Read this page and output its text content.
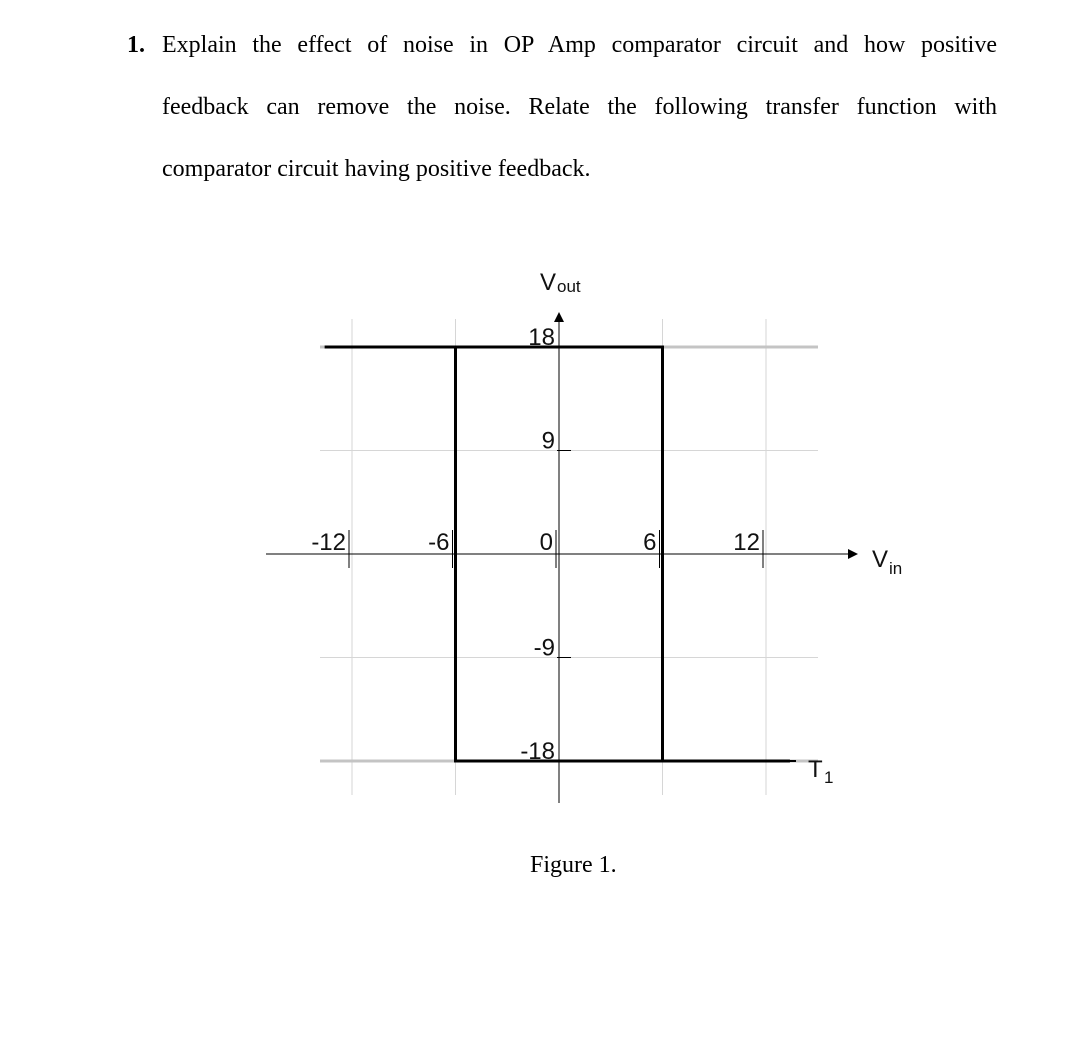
1. Explain the effect of noise in OP Amp comparator circuit and how positive
feedback can remove the noise. Relate the following transfer function with
comparator circuit having positive feedback.
-12	-6	0	6	12
18
9
-9
-18
V out
V in
T 1
Figure 1.
